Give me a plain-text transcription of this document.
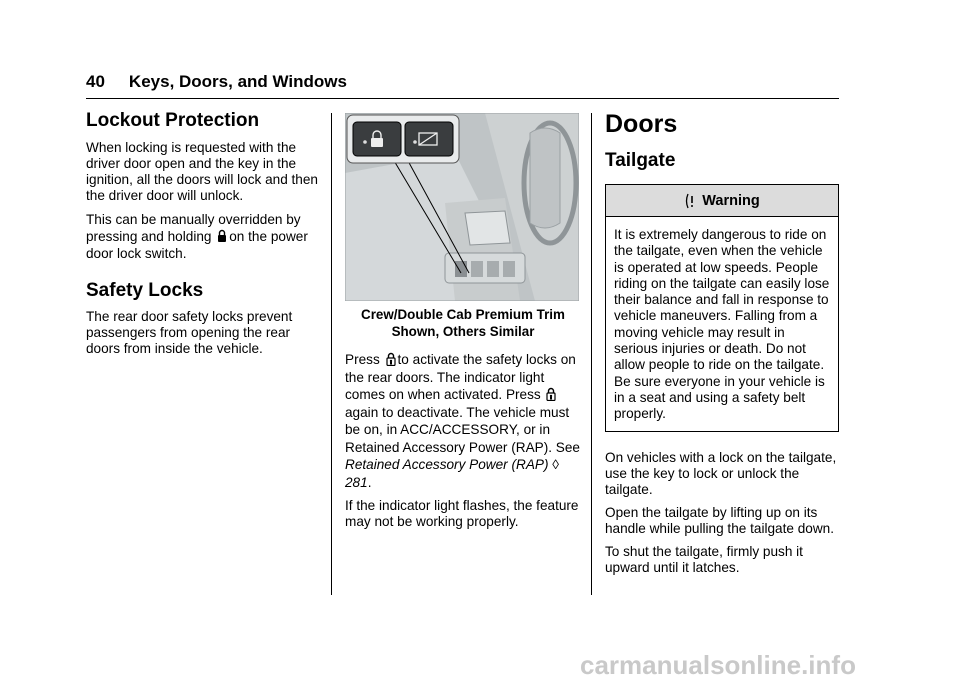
40 Keys, Doors, and Windows
Lockout Protection

When locking is requested with the driver door open and the key in the ignition, all the doors will lock and then the driver door will unlock.

This can be manually overridden by
pressing and holding on the power door lock switch.

Safety Locks

The rear door safety locks prevent passengers from opening the rear doors from inside the vehicle.

Crew/Double Cab Premium Trim
Shown, Others Similar

Press to activate the safety locks on the rear doors. The indicator light comes on when activated. Press  again to deactivate. The vehicle must be on, in ACC/ACCESSORY, or in Retained Accessory Power (RAP). See Retained Accessory Power (RAP) ◊ 281.

If the indicator light flashes, the feature may not be working properly.

Doors
Tailgate
Warning
It is extremely dangerous to ride on the tailgate, even when the vehicle is operated at low speeds. People riding on the tailgate can easily lose their balance and fall in response to vehicle maneuvers. Falling from a moving vehicle may result in serious injuries or death. Do not allow people to ride on the tailgate. Be sure everyone in your vehicle is in a seat and using a safety belt properly.

On vehicles with a lock on the tailgate, use the key to lock or unlock the tailgate.

Open the tailgate by lifting up on its handle while pulling the tailgate down.

To shut the tailgate, firmly push it upward until it latches.

carmanualsonline.info
